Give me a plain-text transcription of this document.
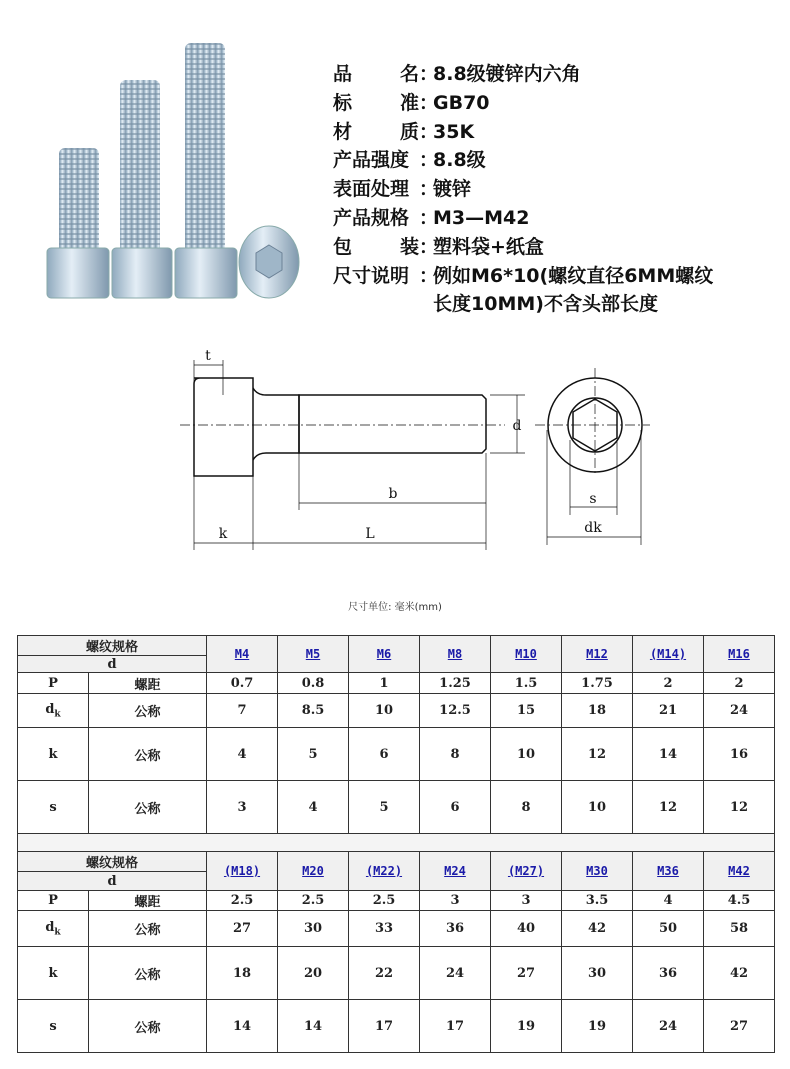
品	名 ：
8.8级镀锌内六角
标	准 ：
GB70
材	质 ：
35K
产品强度 ：
8.8级
表面处理 ：
镀锌
产品规格 ：
M3—M42
包	装 ：
塑料袋+纸盒
尺寸说明 ：
例如M6*10(螺纹直径6MM螺纹
长度10MM)不含头部长度
t
d
b
k	L
s
dk
尺寸单位: 毫米(mm)
螺纹规格		M4	M5	M6	M8	M10	M12	(M14)	M16
d									
P	螺距	0.7	0.8	1	1.25	1.5	1.75	2	2
$d_k$	公称	7	8.5	10	12.5	15	18	21	24
k	公称	4	5	6	8	10	12	14	16
s	公称	3	4	5	6	8	10	12	12

螺纹规格		(M18)	M20	(M22)	M24	(M27)	M30	M36	M42
d									
P	螺距	2.5	2.5	2.5	3	3	3.5	4	4.5
$d_k$	公称	27	30	33	36	40	42	50	58
k	公称	18	20	22	24	27	30	36	42
s	公称	14	14	17	17	19	19	24	27
